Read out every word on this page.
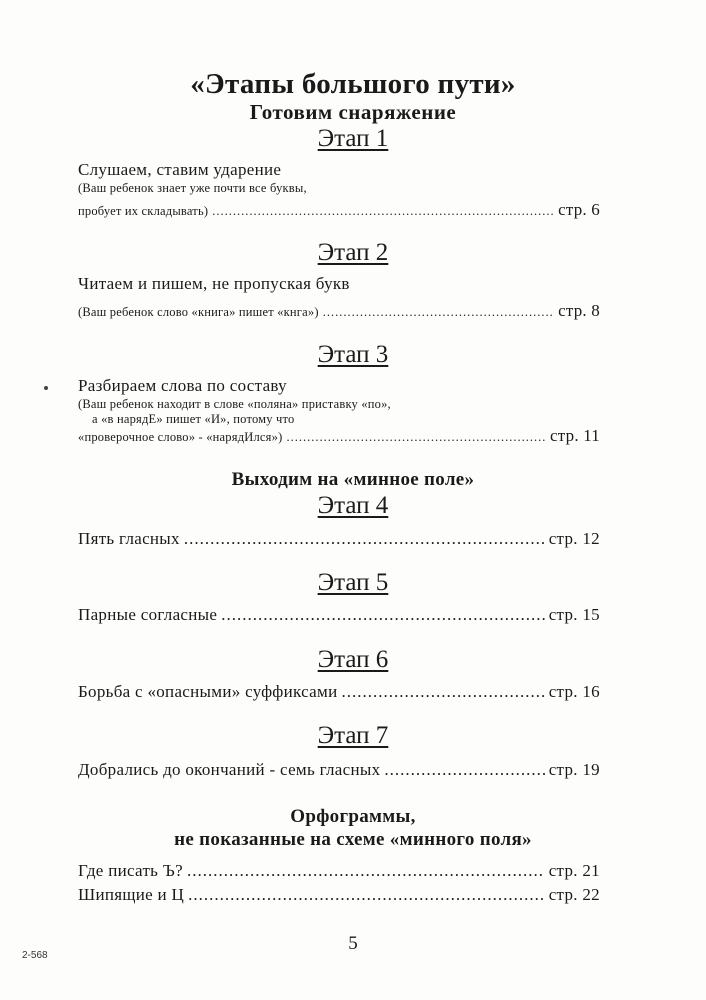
«Этапы большого пути»
Готовим снаряжение
Этап 1
Слушаем, ставим ударение
(Ваш ребенок знает уже почти все буквы,
пробует их складывать) .....	стр. 6
Этап 2
Читаем и пишем, не пропуская букв
(Ваш ребенок слово «книга» пишет «кнга») .....	стр. 8
Этап 3
Разбираем слова по составу
(Ваш ребенок находит в слове «поляна» приставку «по»,
а «в нарядЕ» пишет «И», потому что
«проверочное слово» - «нарядИлся») .....	стр. 11
Выходим на «минное поле»
Этап 4
Пять гласных .....	стр. 12
Этап 5
Парные согласные .....	стр. 15
Этап 6
Борьба с «опасными» суффиксами .....	стр. 16
Этап 7
Добрались до окончаний - семь гласных .....	стр. 19
Орфограммы,
не показанные на схеме «минного поля»
Где писать Ъ? .....	стр. 21
Шипящие и Ц .....	стр. 22
5
2-568
